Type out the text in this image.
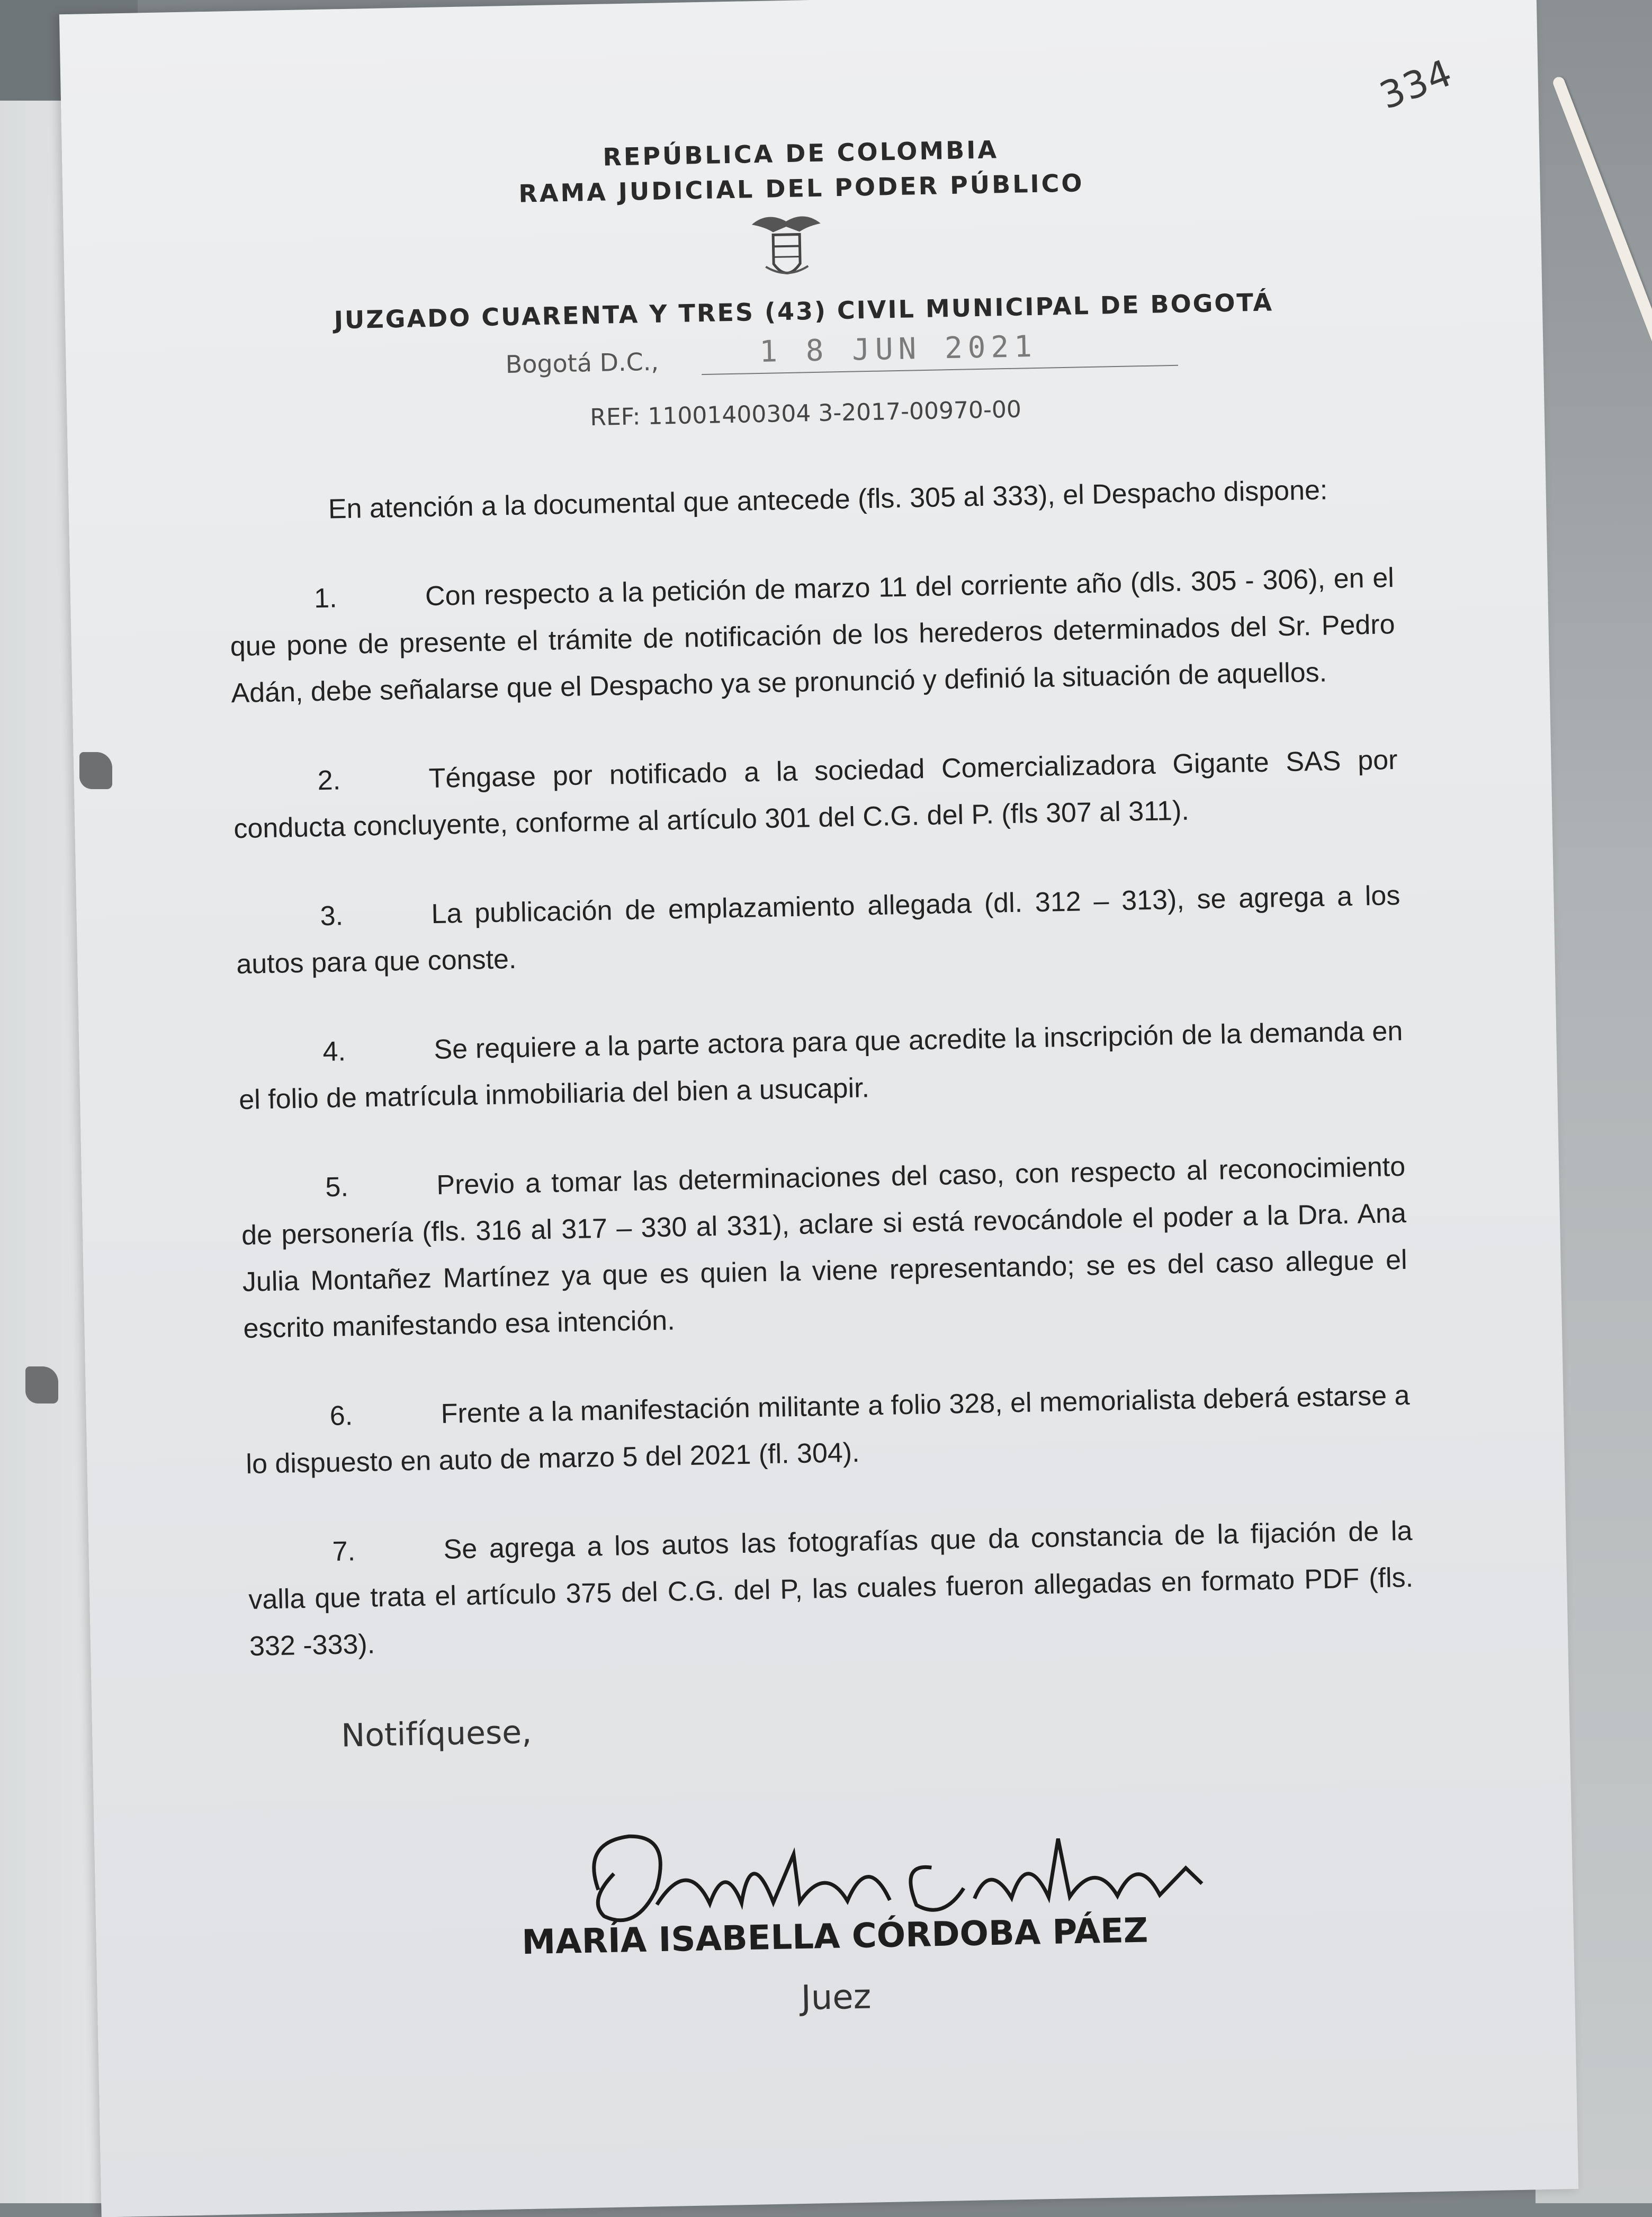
334
REPÚBLICA DE COLOMBIA
RAMA JUDICIAL DEL PODER PÚBLICO
JUZGADO CUARENTA Y TRES (43) CIVIL MUNICIPAL DE BOGOTÁ
Bogotá D.C.,	1 8 JUN 2021
REF: 11001400304 3-2017-00970-00

En atención a la documental que antecede (fls. 305 al 333), el Despacho dispone:

1.	Con respecto a la petición de marzo 11 del corriente año (dls. 305 - 306), en el que pone de presente el trámite de notificación de los herederos determinados del Sr. Pedro Adán, debe señalarse que el Despacho ya se pronunció y definió la situación de aquellos.

2.	Téngase por notificado a la sociedad Comercializadora Gigante SAS por conducta concluyente, conforme al artículo 301 del C.G. del P. (fls 307 al 311).

3.	La publicación de emplazamiento allegada (dl. 312 – 313), se agrega a los autos para que conste.

4.	Se requiere a la parte actora para que acredite la inscripción de la demanda en el folio de matrícula inmobiliaria del bien a usucapir.

5.	Previo a tomar las determinaciones del caso, con respecto al reconocimiento de personería (fls. 316 al 317 – 330 al 331), aclare si está revocándole el poder a la Dra. Ana Julia Montañez Martínez ya que es quien la viene representando; se es del caso allegue el escrito manifestando esa intención.

6.	Frente a la manifestación militante a folio 328, el memorialista deberá estarse a lo dispuesto en auto de marzo 5 del 2021 (fl. 304).

7.	Se agrega a los autos las fotografías que da constancia de la fijación de la valla que trata el artículo 375 del C.G. del P, las cuales fueron allegadas en formato PDF (fls. 332 -333).

Notifíquese,
MARÍA ISABELLA CÓRDOBA PÁEZ
Juez
